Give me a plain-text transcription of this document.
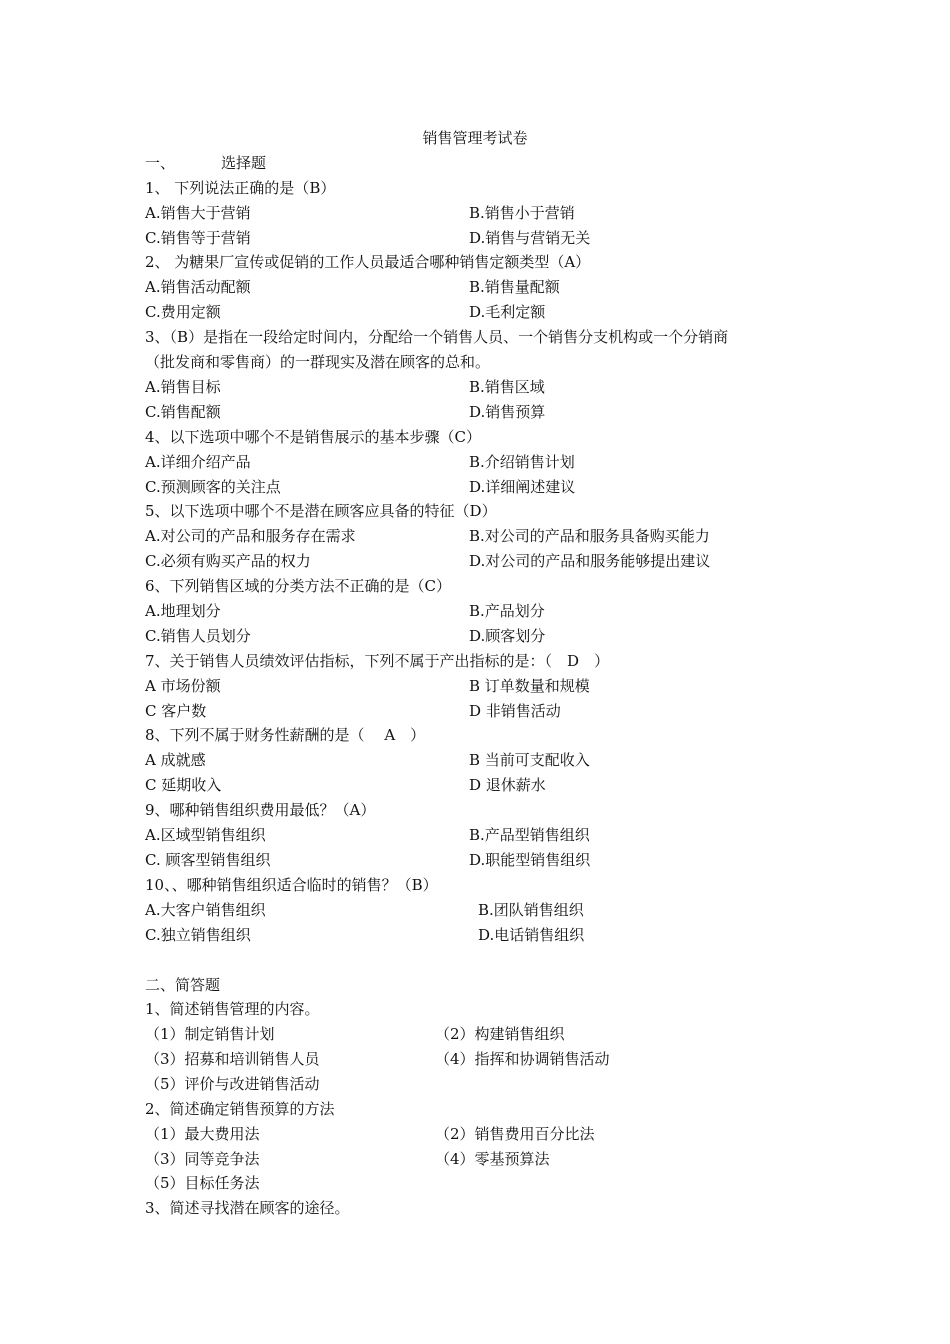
销售管理考试卷
一、	选择题
1、 下列说法正确的是（B）
A.销售大于营销	B.销售小于营销
C.销售等于营销	D.销售与营销无关
2、 为糖果厂宣传或促销的工作人员最适合哪种销售定额类型（A）
A.销售活动配额	B.销售量配额
C.费用定额	D.毛利定额
3、（B）是指在一段给定时间内，分配给一个销售人员、一个销售分支机构或一个分销商
（批发商和零售商）的一群现实及潜在顾客的总和。
A.销售目标	B.销售区域
C.销售配额	D.销售预算
4、以下选项中哪个不是销售展示的基本步骤（C）
A.详细介绍产品	B.介绍销售计划
C.预测顾客的关注点	D.详细阐述建议
5、以下选项中哪个不是潜在顾客应具备的特征（D）
A.对公司的产品和服务存在需求	B.对公司的产品和服务具备购买能力
C.必须有购买产品的权力	D.对公司的产品和服务能够提出建议
6、下列销售区域的分类方法不正确的是（C）
A.地理划分	B.产品划分
C.销售人员划分	D.顾客划分
7、关于销售人员绩效评估指标，下列不属于产出指标的是：（　D　）
A 市场份额	B 订单数量和规模
C 客户数	D 非销售活动
8、下列不属于财务性薪酬的是（　 A　）
A 成就感	B 当前可支配收入
C 延期收入	D 退休薪水
9、哪种销售组织费用最低？（A）
A.区域型销售组织	B.产品型销售组织
C. 顾客型销售组织	D.职能型销售组织
10、、哪种销售组织适合临时的销售？（B）
A.大客户销售组织	B.团队销售组织
C.独立销售组织	D.电话销售组织
二、简答题
1、简述销售管理的内容。
（1）制定销售计划	（2）构建销售组织
（3）招募和培训销售人员	（4）指挥和协调销售活动
（5）评价与改进销售活动
2、简述确定销售预算的方法
（1）最大费用法	（2）销售费用百分比法
（3）同等竞争法	（4）零基预算法
（5）目标任务法
3、简述寻找潜在顾客的途径。
